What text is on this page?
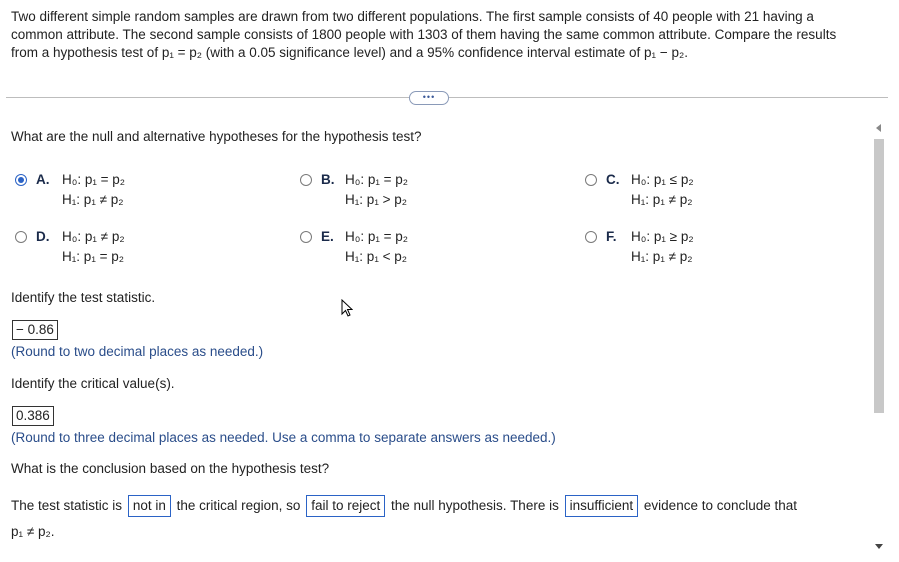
Two different simple random samples are drawn from two different populations. The first sample consists of 40 people with 21 having a common attribute. The second sample consists of 1800 people with 1303 of them having the same common attribute. Compare the results from a hypothesis test of p₁ = p₂ (with a 0.05 significance level) and a 95% confidence interval estimate of p₁ − p₂.
•••
What are the null and alternative hypotheses for the hypothesis test?
A. H₀: p₁ = p₂
H₁: p₁ ≠ p₂
B. H₀: p₁ = p₂
H₁: p₁ > p₂
C. H₀: p₁ ≤ p₂
H₁: p₁ ≠ p₂
D. H₀: p₁ ≠ p₂
H₁: p₁ = p₂
E. H₀: p₁ = p₂
H₁: p₁ < p₂
F. H₀: p₁ ≥ p₂
H₁: p₁ ≠ p₂
Identify the test statistic.
− 0.86
(Round to two decimal places as needed.)
Identify the critical value(s).
0.386
(Round to three decimal places as needed. Use a comma to separate answers as needed.)
What is the conclusion based on the hypothesis test?
The test statistic is not in the critical region, so fail to reject the null hypothesis. There is insufficient evidence to conclude that
p₁ ≠ p₂.
